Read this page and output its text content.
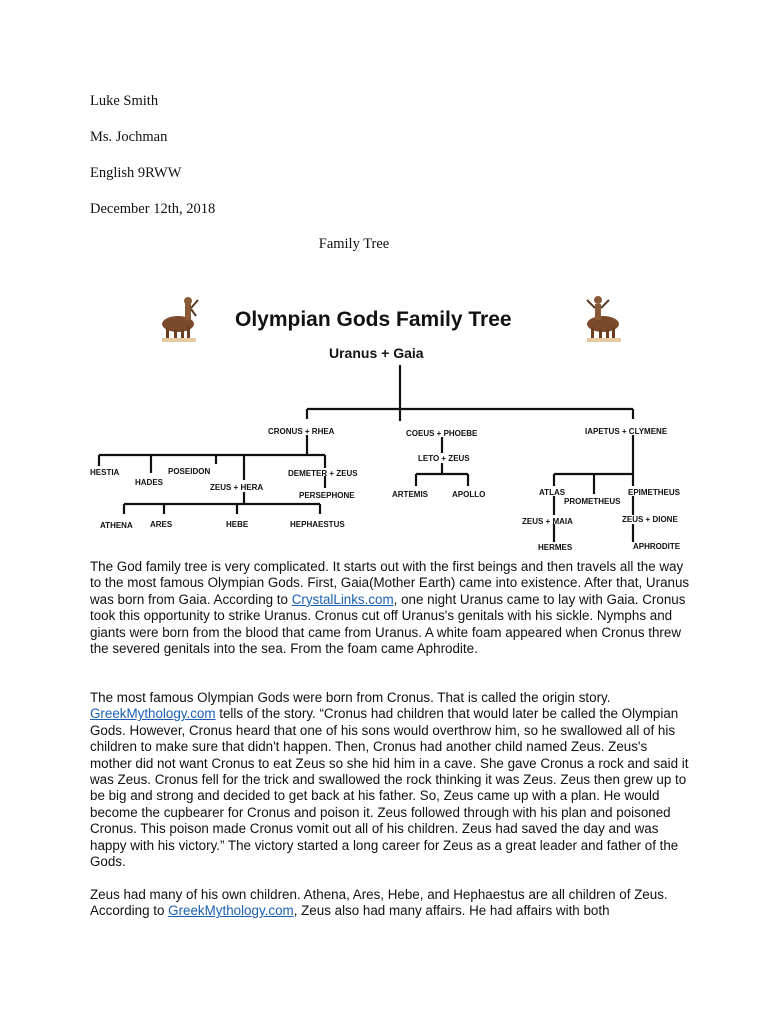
Luke Smith
Ms. Jochman
English 9RWW
December 12th, 2018
Family Tree
Olympian Gods Family Tree
Uranus + Gaia
CRONUS + RHEA	COEUS + PHOEBE	IAPETUS + CLYMENE
HESTIA
HADES
POSEIDON
ZEUS + HERA
DEMETER + ZEUS
PERSEPHONE
ATHENA ARES	HEBE	HEPHAESTUS
LETO + ZEUS
ARTEMIS	APOLLO	ATLAS
PROMETHEUS
EPIMETHEUS
ZEUS + MAIA	ZEUS + DIONE
HERMES	APHRODITE

The God family tree is very complicated. It starts out with the first beings and then travels all the way to the most famous Olympian Gods. First, Gaia(Mother Earth) came into existence. After that, Uranus was born from Gaia. According to CrystalLinks.com, one night Uranus came to lay with Gaia. Cronus took this opportunity to strike Uranus. Cronus cut off Uranus's genitals with his sickle. Nymphs and giants were born from the blood that came from Uranus. A white foam appeared when Cronus threw the severed genitals into the sea. From the foam came Aphrodite.

The most famous Olympian Gods were born from Cronus. That is called the origin story. GreekMythology.com tells of the story. “Cronus had children that would later be called the Olympian Gods. However, Cronus heard that one of his sons would overthrow him, so he swallowed all of his children to make sure that didn't happen. Then, Cronus had another child named Zeus. Zeus's mother did not want Cronus to eat Zeus so she hid him in a cave. She gave Cronus a rock and said it was Zeus. Cronus fell for the trick and swallowed the rock thinking it was Zeus. Zeus then grew up to be big and strong and decided to get back at his father. So, Zeus came up with a plan. He would become the cupbearer for Cronus and poison it. Zeus followed through with his plan and poisoned Cronus. This poison made Cronus vomit out all of his children. Zeus had saved the day and was happy with his victory.” The victory started a long career for Zeus as a great leader and father of the Gods.

Zeus had many of his own children. Athena, Ares, Hebe, and Hephaestus are all children of Zeus. According to GreekMythology.com, Zeus also had many affairs. He had affairs with both
